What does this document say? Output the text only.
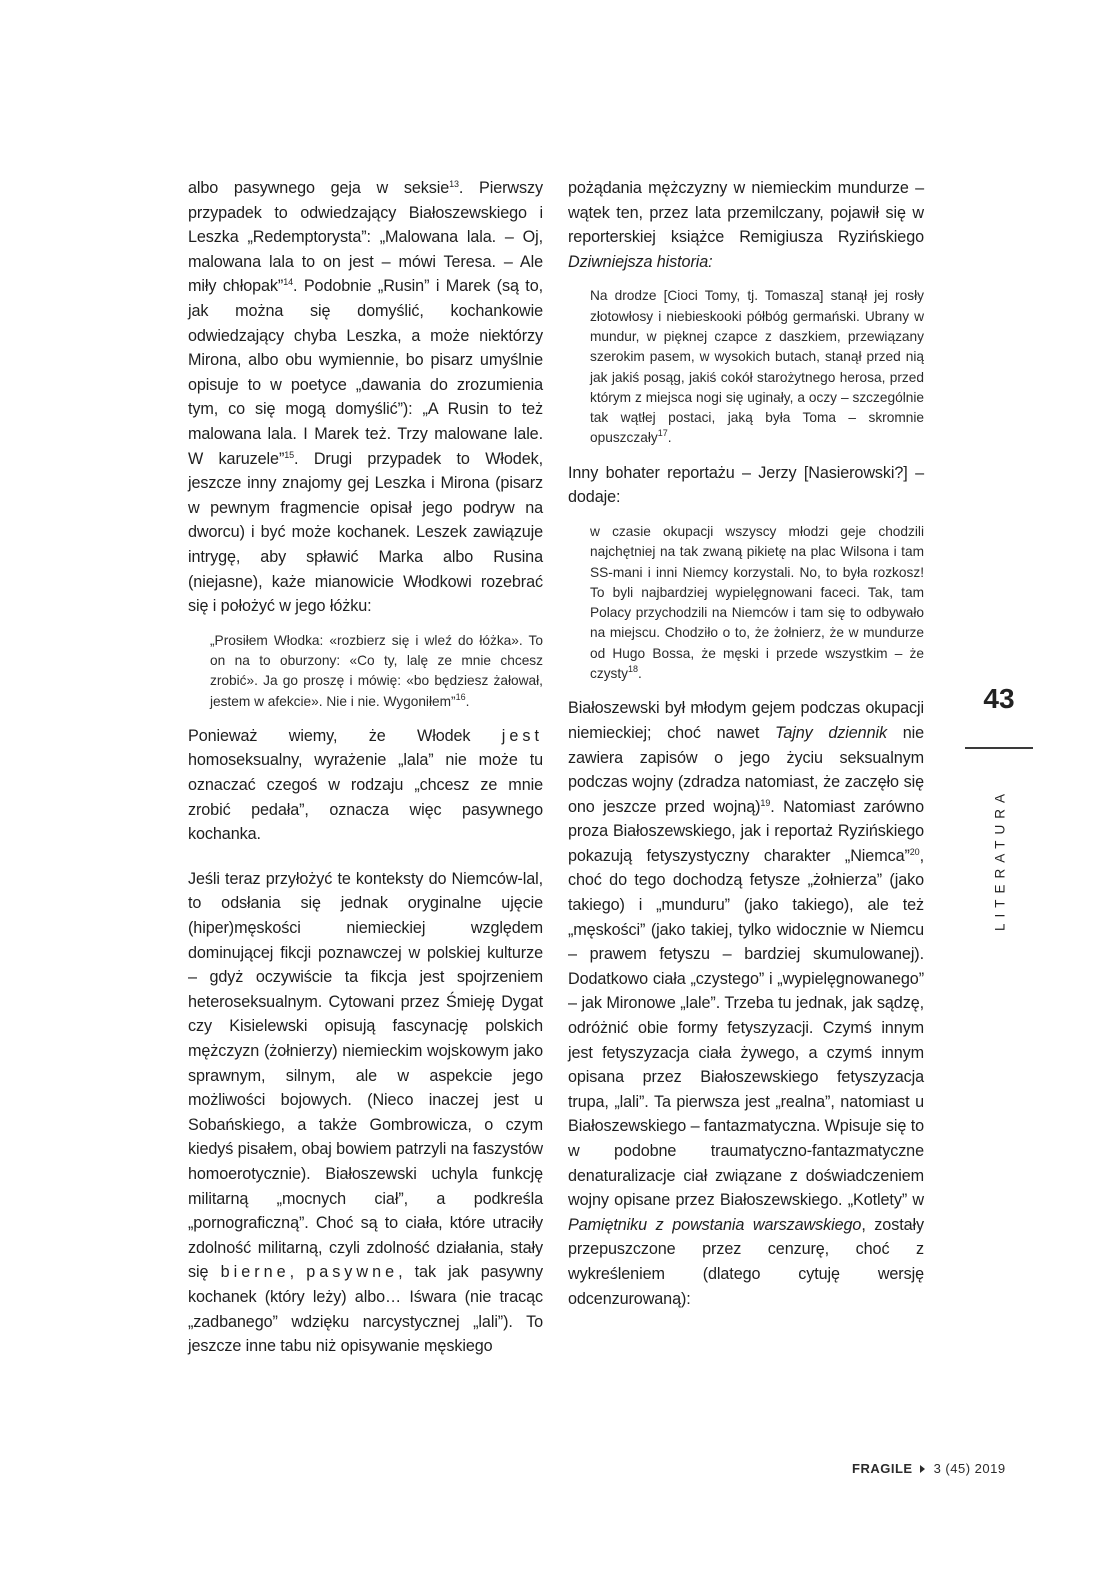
albo pasywnego geja w seksie$^{13}$. Pierwszy przypadek to odwiedzający Białoszewskiego i Leszka „Redemptorysta”: „Malowana lala. – Oj, malowana lala to on jest – mówi Teresa. – Ale miły chłopak”$^{14}$. Podobnie „Rusin” i Marek (są to, jak można się domyślić, kochankowie odwiedzający chyba Leszka, a może niektórzy Mirona, albo obu wymiennie, bo pisarz umyślnie opisuje to w poetyce „dawania do zrozumienia tym, co się mogą domyślić”): „A Rusin to też malowana lala. I Marek też. Trzy malowane lale. W karuzele”$^{15}$. Drugi przypadek to Włodek, jeszcze inny znajomy gej Leszka i Mirona (pisarz w pewnym fragmencie opisał jego podryw na dworcu) i być może kochanek. Leszek zawiązuje intrygę, aby spławić Marka albo Rusina (niejasne), każe mianowicie Włodkowi rozebrać się i położyć w jego łóżku:

„Prosiłem Włodka: «rozbierz się i wleź do łóżka». To on na to oburzony: «Co ty, lalę ze mnie chcesz zrobić». Ja go proszę i mówię: «bo będziesz żałował, jestem w afekcie». Nie i nie. Wygoniłem”$^{16}$.

Ponieważ wiemy, że Włodek jest homoseksualny, wyrażenie „lala” nie może tu oznaczać czegoś w rodzaju „chcesz ze mnie zrobić pedała”, oznacza więc pasywnego kochanka.

Jeśli teraz przyłożyć te konteksty do Niemców-lal, to odsłania się jednak oryginalne ujęcie (hiper)męskości niemieckiej względem dominującej fikcji poznawczej w polskiej kulturze – gdyż oczywiście ta fikcja jest spojrzeniem heteroseksualnym. Cytowani przez Śmieję Dygat czy Kisielewski opisują fascynację polskich mężczyzn (żołnierzy) niemieckim wojskowym jako sprawnym, silnym, ale w aspekcie jego możliwości bojowych. (Nieco inaczej jest u Sobańskiego, a także Gombrowicza, o czym kiedyś pisałem, obaj bowiem patrzyli na faszystów homoerotycznie). Białoszewski uchyla funkcję militarną „mocnych ciał”, a podkreśla „pornograficzną”. Choć są to ciała, które utraciły zdolność militarną, czyli zdolność działania, stały się bierne, pasywne, tak jak pasywny kochanek (który leży) albo… Iśwara (nie tracąc „zadbanego” wdzięku narcystycznej „lali”). To jeszcze inne tabu niż opisywanie męskiego

pożądania mężczyzny w niemieckim mundurze – wątek ten, przez lata przemilczany, pojawił się w reporterskiej książce Remigiusza Ryzińskiego Dziwniejsza historia:

Na drodze [Cioci Tomy, tj. Tomasza] stanął jej rosły złotowłosy i niebieskooki półbóg germański. Ubrany w mundur, w pięknej czapce z daszkiem, przewiązany szerokim pasem, w wysokich butach, stanął przed nią jak jakiś posąg, jakiś cokół starożytnego herosa, przed którym z miejsca nogi się uginały, a oczy – szczególnie tak wątłej postaci, jaką była Toma – skromnie opuszczały$^{17}$.

Inny bohater reportażu – Jerzy [Nasierowski?] – dodaje:

w czasie okupacji wszyscy młodzi geje chodzili najchętniej na tak zwaną pikietę na plac Wilsona i tam SS-mani i inni Niemcy korzystali. No, to była rozkosz! To byli najbardziej wypielęgnowani faceci. Tak, tam Polacy przychodzili na Niemców i tam się to odbywało na miejscu. Chodziło o to, że żołnierz, że w mundurze od Hugo Bossa, że męski i przede wszystkim – że czysty$^{18}$.

Białoszewski był młodym gejem podczas okupacji niemieckiej; choć nawet Tajny dziennik nie zawiera zapisów o jego życiu seksualnym podczas wojny (zdradza natomiast, że zaczęło się ono jeszcze przed wojną)$^{19}$. Natomiast zarówno proza Białoszewskiego, jak i reportaż Ryzińskiego pokazują fetyszystyczny charakter „Niemca”$^{20}$, choć do tego dochodzą fetysze „żołnierza” (jako takiego) i „munduru” (jako takiego), ale też „męskości” (jako takiej, tylko widocznie w Niemcu – prawem fetyszu – bardziej skumulowanej). Dodatkowo ciała „czystego” i „wypielęgnowanego” – jak Mironowe „lale”. Trzeba tu jednak, jak sądzę, odróżnić obie formy fetyszyzacji. Czymś innym jest fetyszyzacja ciała żywego, a czymś innym opisana przez Białoszewskiego fetyszyzacja trupa, „lali”. Ta pierwsza jest „realna”, natomiast u Białoszewskiego – fantazmatyczna. Wpisuje się to w podobne traumatyczno-fantazmatyczne denaturalizacje ciał związane z doświadczeniem wojny opisane przez Białoszewskiego. „Kotlety” w Pamiętniku z powstania warszawskiego, zostały przepuszczone przez cenzurę, choć z wykreśleniem (dlatego cytuję wersję odcenzurowaną):

43
LITERATURA
FRAGILE 3 (45) 2019
